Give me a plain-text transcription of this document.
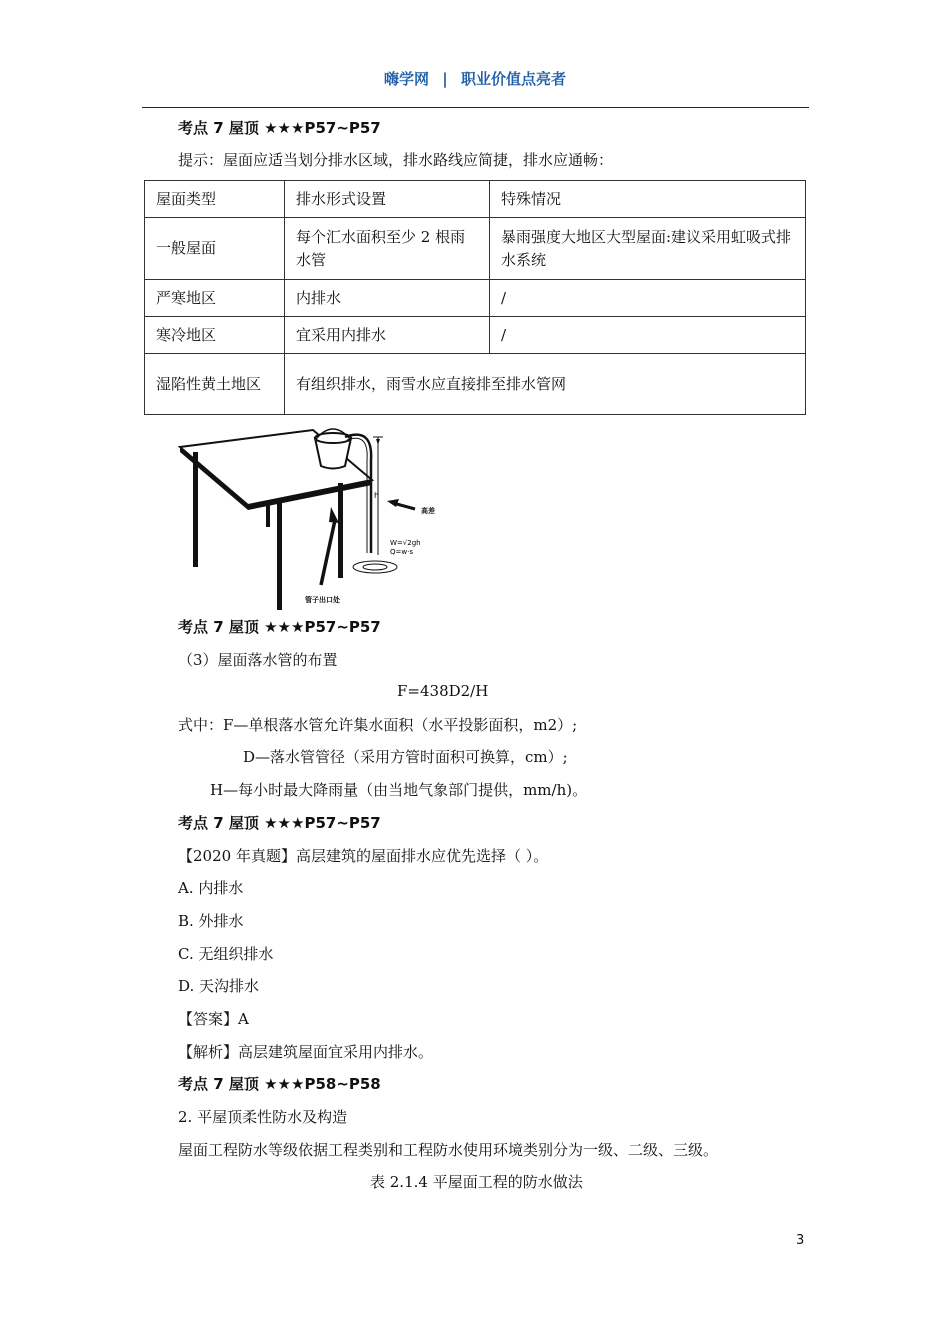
嗨学网 | 职业价值点亮者
考点 7 屋顶 ★★★P57~P57
提示：屋面应适当划分排水区域，排水路线应简捷，排水应通畅：
屋面类型	排水形式设置	特殊情况
一般屋面	每个汇水面积至少 2 根雨水管	暴雨强度大地区大型屋面:建议采用虹吸式排水系统
严寒地区	内排水	/
寒冷地区	宜采用内排水	/
湿陷性黄土地区	有组织排水，雨雪水应直接排至排水管网	
h
高差
W=√2gh
Q=w·s
管子出口处
考点 7 屋顶 ★★★P57~P57
（3）屋面落水管的布置
F=438D2/H
式中：F—单根落水管允许集水面积（水平投影面积，m2）;
D—落水管管径（采用方管时面积可换算，cm）;
H—每小时最大降雨量（由当地气象部门提供，mm/h)。
考点 7 屋顶 ★★★P57~P57
【2020 年真题】高层建筑的屋面排水应优先选择（ ）。
A. 内排水
B. 外排水
C. 无组织排水
D. 天沟排水
【答案】A
【解析】高层建筑屋面宜采用内排水。
考点 7 屋顶 ★★★P58~P58
2. 平屋顶柔性防水及构造
屋面工程防水等级依据工程类别和工程防水使用环境类别分为一级、二级、三级。
表 2.1.4 平屋面工程的防水做法
3
